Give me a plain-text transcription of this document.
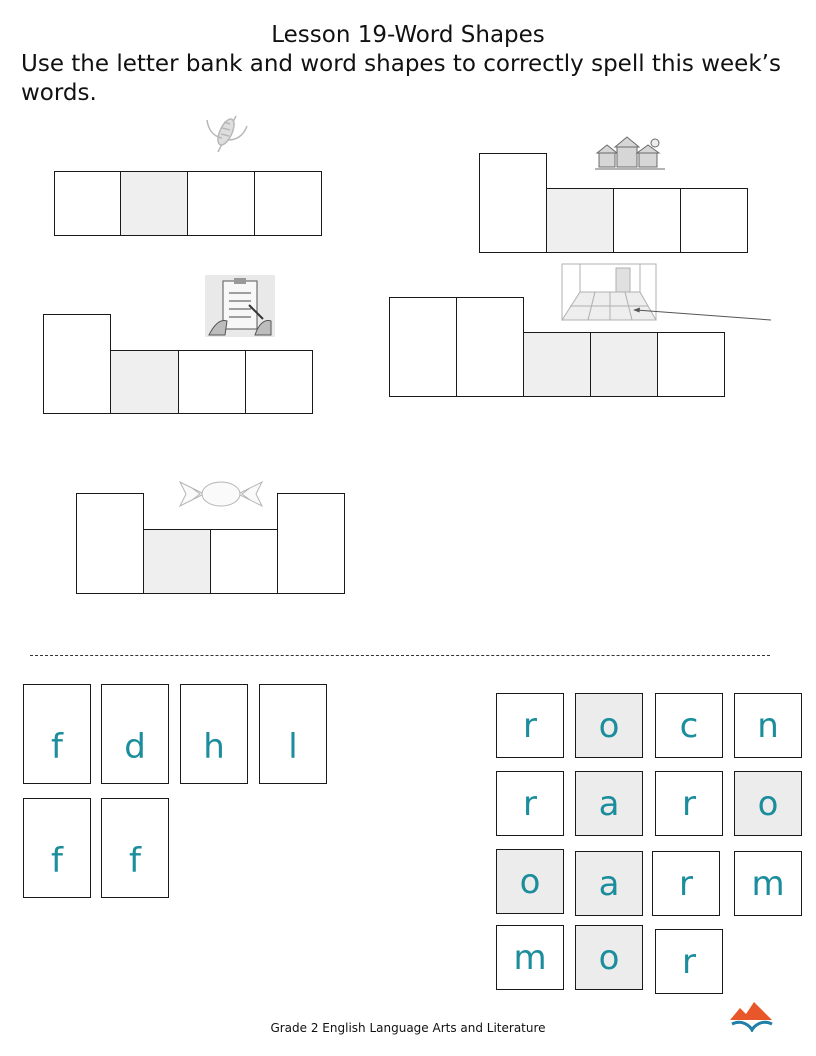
Lesson 19-Word Shapes
Use the letter bank and word shapes to correctly spell this week’s words.
f	d	h	l
f	f
r	o	c	n
r	a	r	o
o	a	r	m
m	o	r
Grade 2 English Language Arts and Literature
